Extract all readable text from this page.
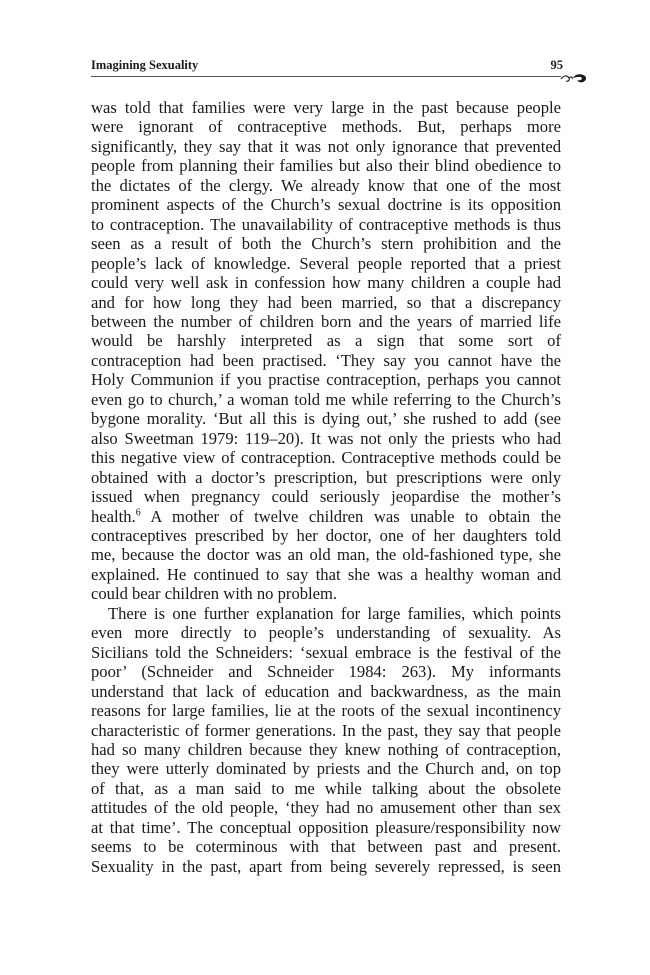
Imagining Sexuality	95

was told that families were very large in the past because people

were ignorant of contraceptive methods. But, perhaps more

significantly, they say that it was not only ignorance that prevented

people from planning their families but also their blind obedience to

the dictates of the clergy. We already know that one of the most

prominent aspects of the Church’s sexual doctrine is its opposition

to contraception. The unavailability of contraceptive methods is thus

seen as a result of both the Church’s stern prohibition and the

people’s lack of knowledge. Several people reported that a priest

could very well ask in confession how many children a couple had

and for how long they had been married, so that a discrepancy

between the number of children born and the years of married life

would be harshly interpreted as a sign that some sort of

contraception had been practised. ‘They say you cannot have the

Holy Communion if you practise contraception, perhaps you cannot

even go to church,’ a woman told me while referring to the Church’s

bygone morality. ‘But all this is dying out,’ she rushed to add (see

also Sweetman 1979: 119–20). It was not only the priests who had

this negative view of contraception. Contraceptive methods could be

obtained with a doctor’s prescription, but prescriptions were only

issued when pregnancy could seriously jeopardise the mother’s

health.$^6$ A mother of twelve children was unable to obtain the

contraceptives prescribed by her doctor, one of her daughters told

me, because the doctor was an old man, the old-fashioned type, she

explained. He continued to say that she was a healthy woman and

could bear children with no problem.

There is one further explanation for large families, which points

even more directly to people’s understanding of sexuality. As

Sicilians told the Schneiders: ‘sexual embrace is the festival of the

poor’ (Schneider and Schneider 1984: 263). My informants

understand that lack of education and backwardness, as the main

reasons for large families, lie at the roots of the sexual incontinency

characteristic of former generations. In the past, they say that people

had so many children because they knew nothing of contraception,

they were utterly dominated by priests and the Church and, on top

of that, as a man said to me while talking about the obsolete

attitudes of the old people, ‘they had no amusement other than sex

at that time’. The conceptual opposition pleasure/responsibility now

seems to be coterminous with that between past and present.

Sexuality in the past, apart from being severely repressed, is seen
